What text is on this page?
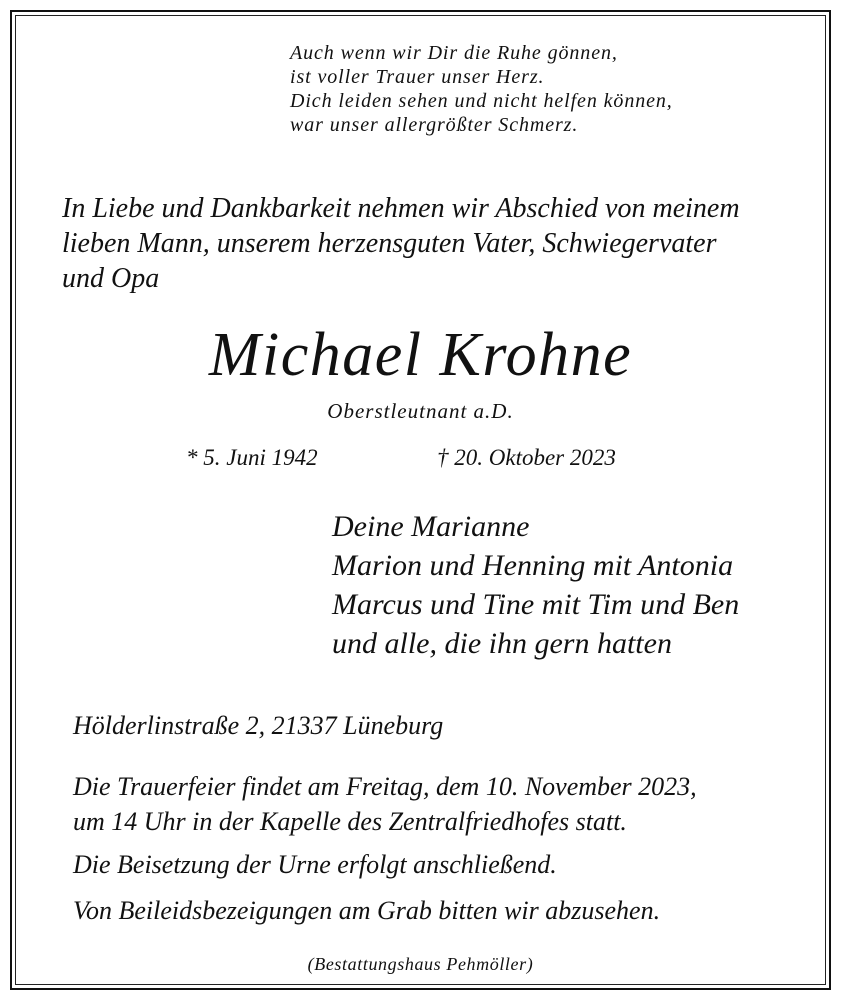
Auch wenn wir Dir die Ruhe gönnen,
ist voller Trauer unser Herz.
Dich leiden sehen und nicht helfen können,
war unser allergrößter Schmerz.
In Liebe und Dankbarkeit nehmen wir Abschied von meinem
lieben Mann, unserem herzensguten Vater, Schwiegervater
und Opa
Michael Krohne
Oberstleutnant a.D.
* 5. Juni 1942	† 20. Oktober 2023
Deine Marianne
Marion und Henning mit Antonia
Marcus und Tine mit Tim und Ben
und alle, die ihn gern hatten
Hölderlinstraße 2, 21337 Lüneburg
Die Trauerfeier findet am Freitag, dem 10. November 2023,
um 14 Uhr in der Kapelle des Zentralfriedhofes statt.
Die Beisetzung der Urne erfolgt anschließend.
Von Beileidsbezeigungen am Grab bitten wir abzusehen.
(Bestattungshaus Pehmöller)
